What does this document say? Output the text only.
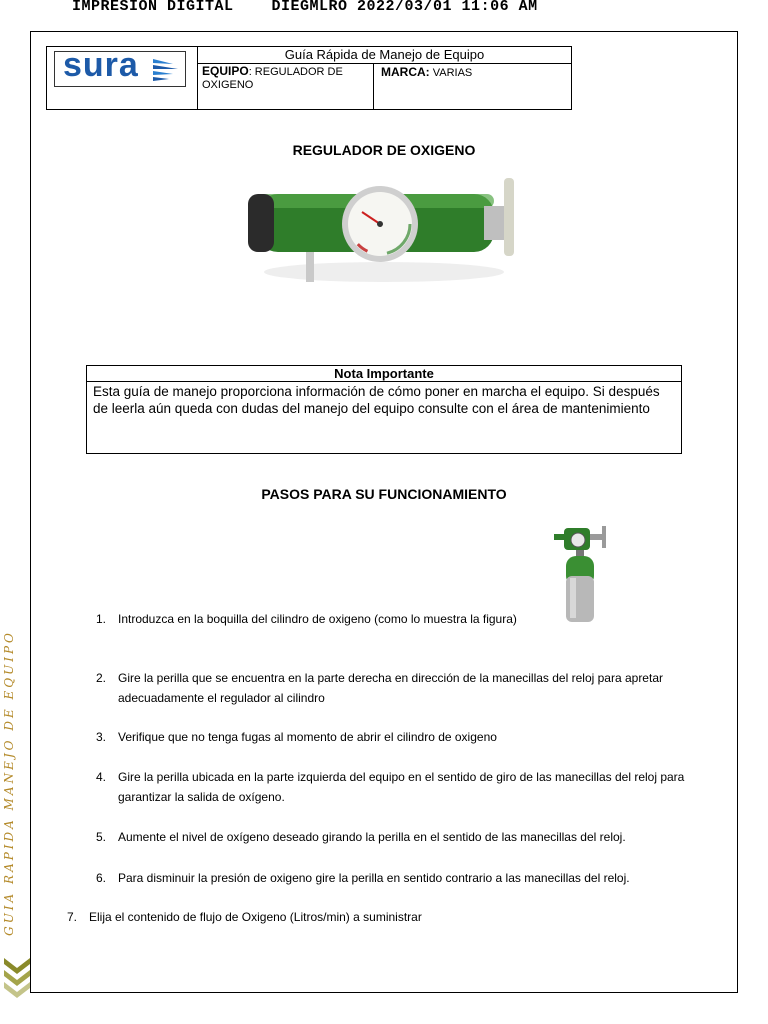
IMPRESION DIGITAL    DIEGMLRO 2022/03/01 11:06 AM
sura	Guía Rápida de Manejo de Equipo
EQUIPO: REGULADOR DE OXIGENO
MARCA: VARIAS
REGULADOR DE OXIGENO
Nota Importante
Esta guía de manejo proporciona información de cómo poner en marcha el equipo. Si después de leerla aún queda con dudas del manejo del equipo consulte con el área de mantenimiento
PASOS PARA SU FUNCIONAMIENTO
1. Introduzca en la boquilla del cilindro de oxigeno (como lo muestra la figura)
2. Gire la perilla que se encuentra en la parte derecha en dirección de la manecillas del reloj para apretar
adecuadamente el regulador al cilindro
3. Verifique que no tenga fugas al momento de abrir el cilindro de oxigeno
4. Gire la perilla ubicada en la parte izquierda del equipo en el sentido de giro de las manecillas del reloj para
garantizar la salida de oxígeno.
5. Aumente el nivel de oxígeno deseado girando la perilla en el sentido de las manecillas del reloj.
6. Para disminuir la presión de oxigeno gire la perilla en sentido contrario a las manecillas del reloj.
7. Elija el contenido de flujo de Oxigeno (Litros/min) a suministrar
GUIA RAPIDA MANEJO DE EQUIPO
